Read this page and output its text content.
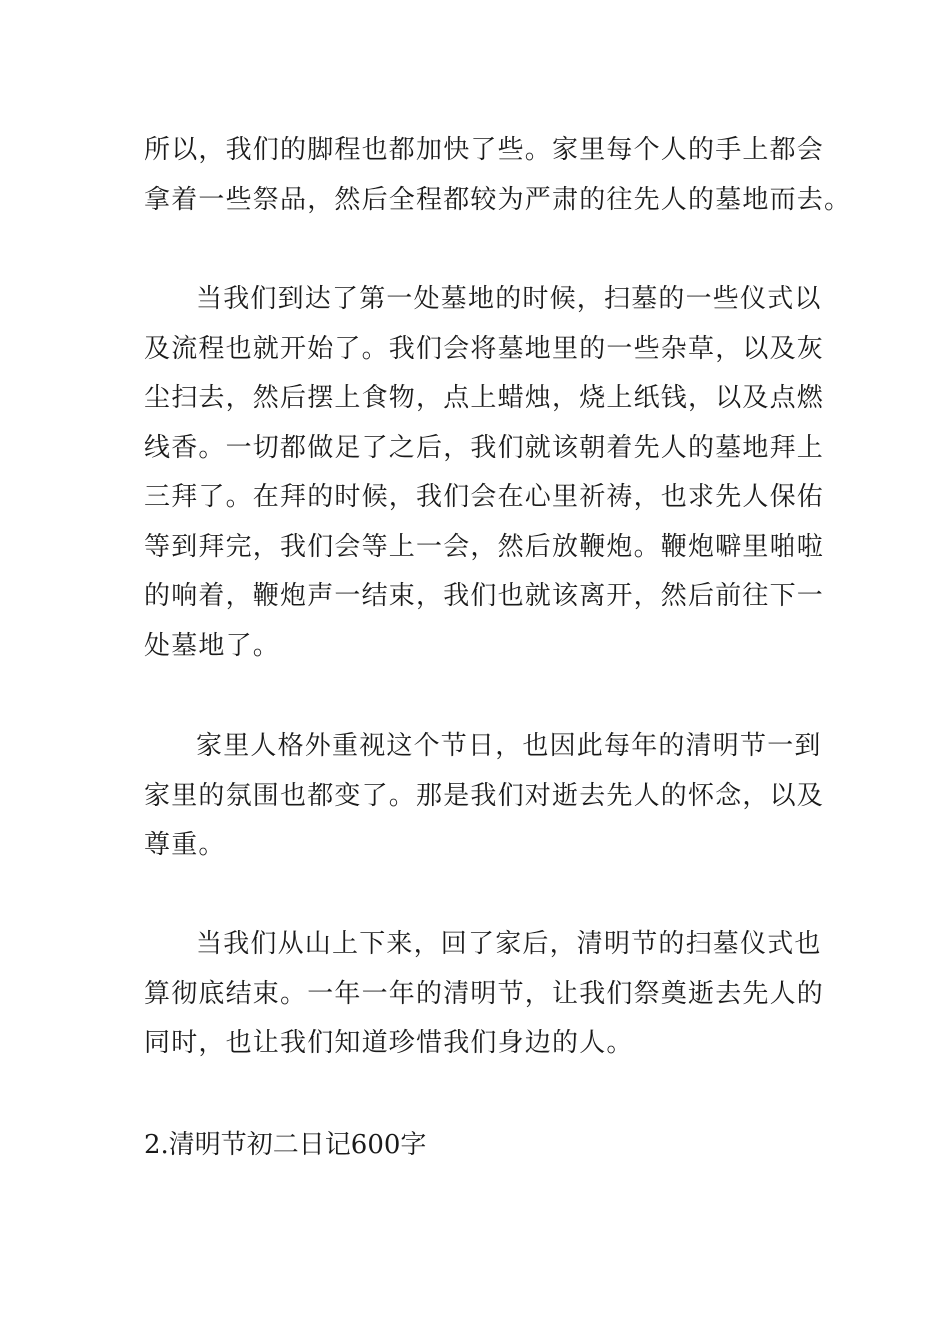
所以，我们的脚程也都加快了些。家里每个人的手上都会
拿着一些祭品，然后全程都较为严肃的往先人的墓地而去。
当我们到达了第一处墓地的时候，扫墓的一些仪式以
及流程也就开始了。我们会将墓地里的一些杂草，以及灰
尘扫去，然后摆上食物，点上蜡烛，烧上纸钱，以及点燃
线香。一切都做足了之后，我们就该朝着先人的墓地拜上
三拜了。在拜的时候，我们会在心里祈祷，也求先人保佑
等到拜完，我们会等上一会，然后放鞭炮。鞭炮噼里啪啦
的响着，鞭炮声一结束，我们也就该离开，然后前往下一
处墓地了。
家里人格外重视这个节日，也因此每年的清明节一到
家里的氛围也都变了。那是我们对逝去先人的怀念，以及
尊重。
当我们从山上下来，回了家后，清明节的扫墓仪式也
算彻底结束。一年一年的清明节，让我们祭奠逝去先人的
同时，也让我们知道珍惜我们身边的人。
2.清明节初二日记600字
